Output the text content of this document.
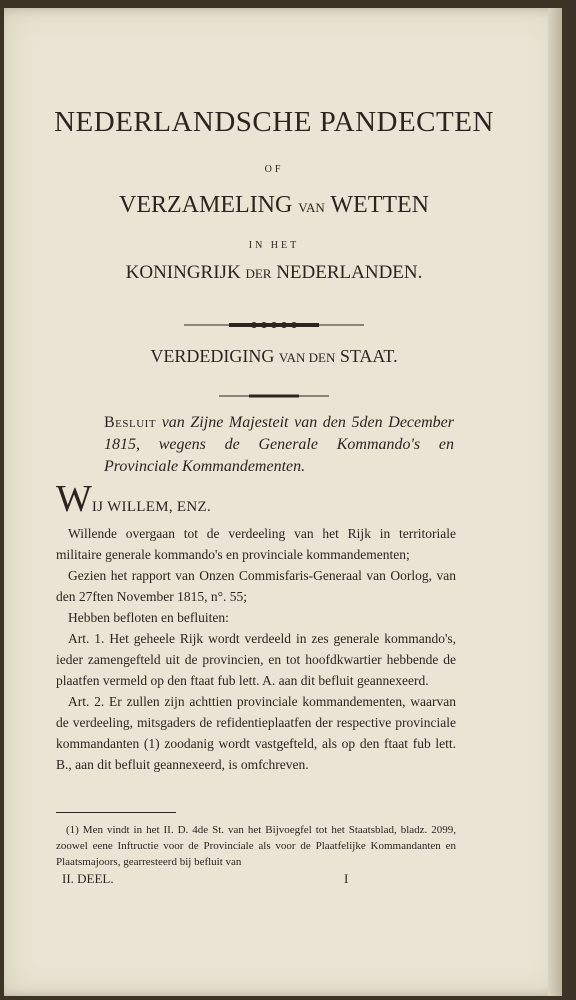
NEDERLANDSCHE PANDECTEN
OF
VERZAMELING VAN WETTEN
IN HET
KONINGRIJK DER NEDERLANDEN.
VERDEDIGING VAN DEN STAAT.
Besluit van Zijne Majesteit van den 5den December 1815, wegens de Generale Kommando's en Provinciale Kommandementen.
WIJ WILLEM, ENZ.

Willende overgaan tot de verdeeling van het Rijk in territoriale militaire generale kommando's en provinciale kommandementen;

Gezien het rapport van Onzen Commisfaris-Generaal van Oorlog, van den 27ften November 1815, n°. 55;

Hebben befloten en befluiten:

Art. 1. Het geheele Rijk wordt verdeeld in zes generale kommando's, ieder zamengefteld uit de provincien, en tot hoofdkwartier hebbende de plaatfen vermeld op den ftaat fub lett. A. aan dit befluit geannexeerd.

Art. 2. Er zullen zijn achttien provinciale kommandementen, waarvan de verdeeling, mitsgaders de refidentieplaatfen der respective provinciale kommandanten (1) zoodanig wordt vastgefteld, als op den ftaat fub lett. B., aan dit befluit geannexeerd, is omfchreven.

(1) Men vindt in het II. D. 4de St. van het Bijvoegfel tot het Staatsblad, bladz. 2099, zoowel eene Inftructie voor de Provinciale als voor de Plaatfelijke Kommandanten en Plaatsmajoors, gearresteerd bij befluit van
II. DEEL.	I
